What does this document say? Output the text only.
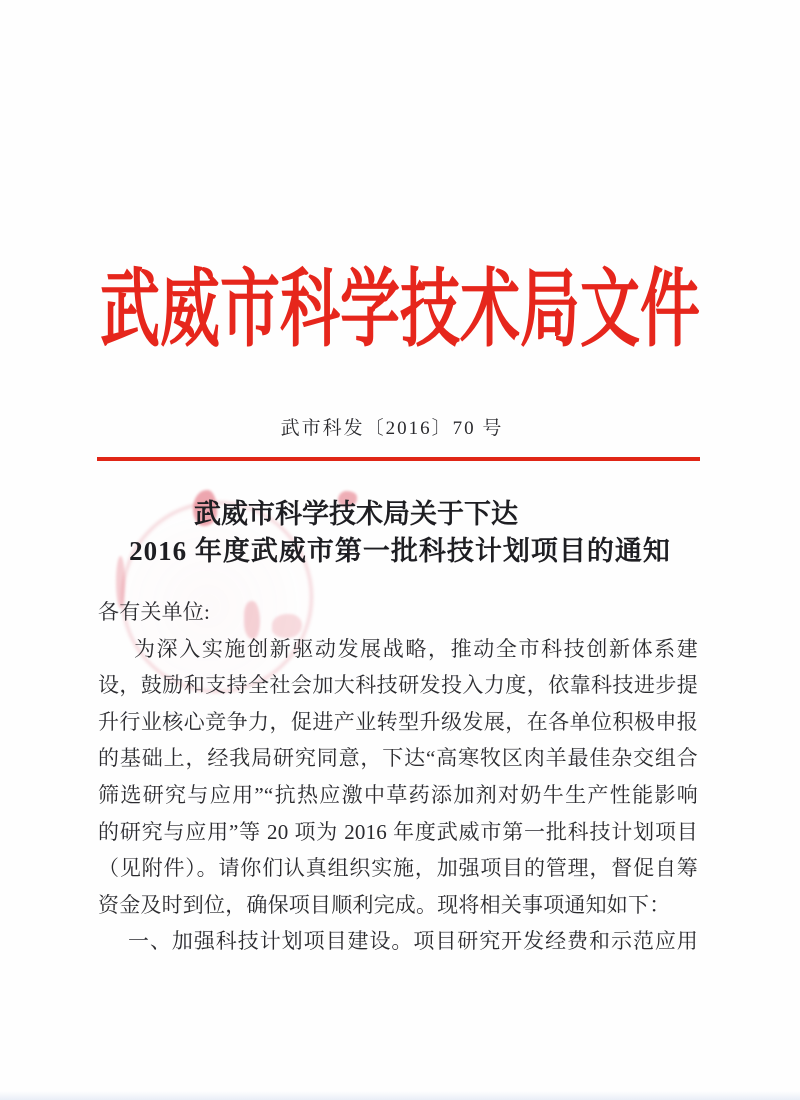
武威市科学技术局文件
武市科发〔2016〕70 号
武威市科学技术局关于下达
2016 年度武威市第一批科技计划项目的通知
各有关单位:
为深入实施创新驱动发展战略，推动全市科技创新体系建
设，鼓励和支持全社会加大科技研发投入力度，依靠科技进步提
升行业核心竞争力，促进产业转型升级发展，在各单位积极申报
的基础上，经我局研究同意，下达“高寒牧区肉羊最佳杂交组合
筛选研究与应用”“抗热应激中草药添加剂对奶牛生产性能影响
的研究与应用”等 20 项为 2016 年度武威市第一批科技计划项目
（见附件）。请你们认真组织实施，加强项目的管理，督促自筹
资金及时到位，确保项目顺利完成。现将相关事项通知如下：
一、加强科技计划项目建设。项目研究开发经费和示范应用
